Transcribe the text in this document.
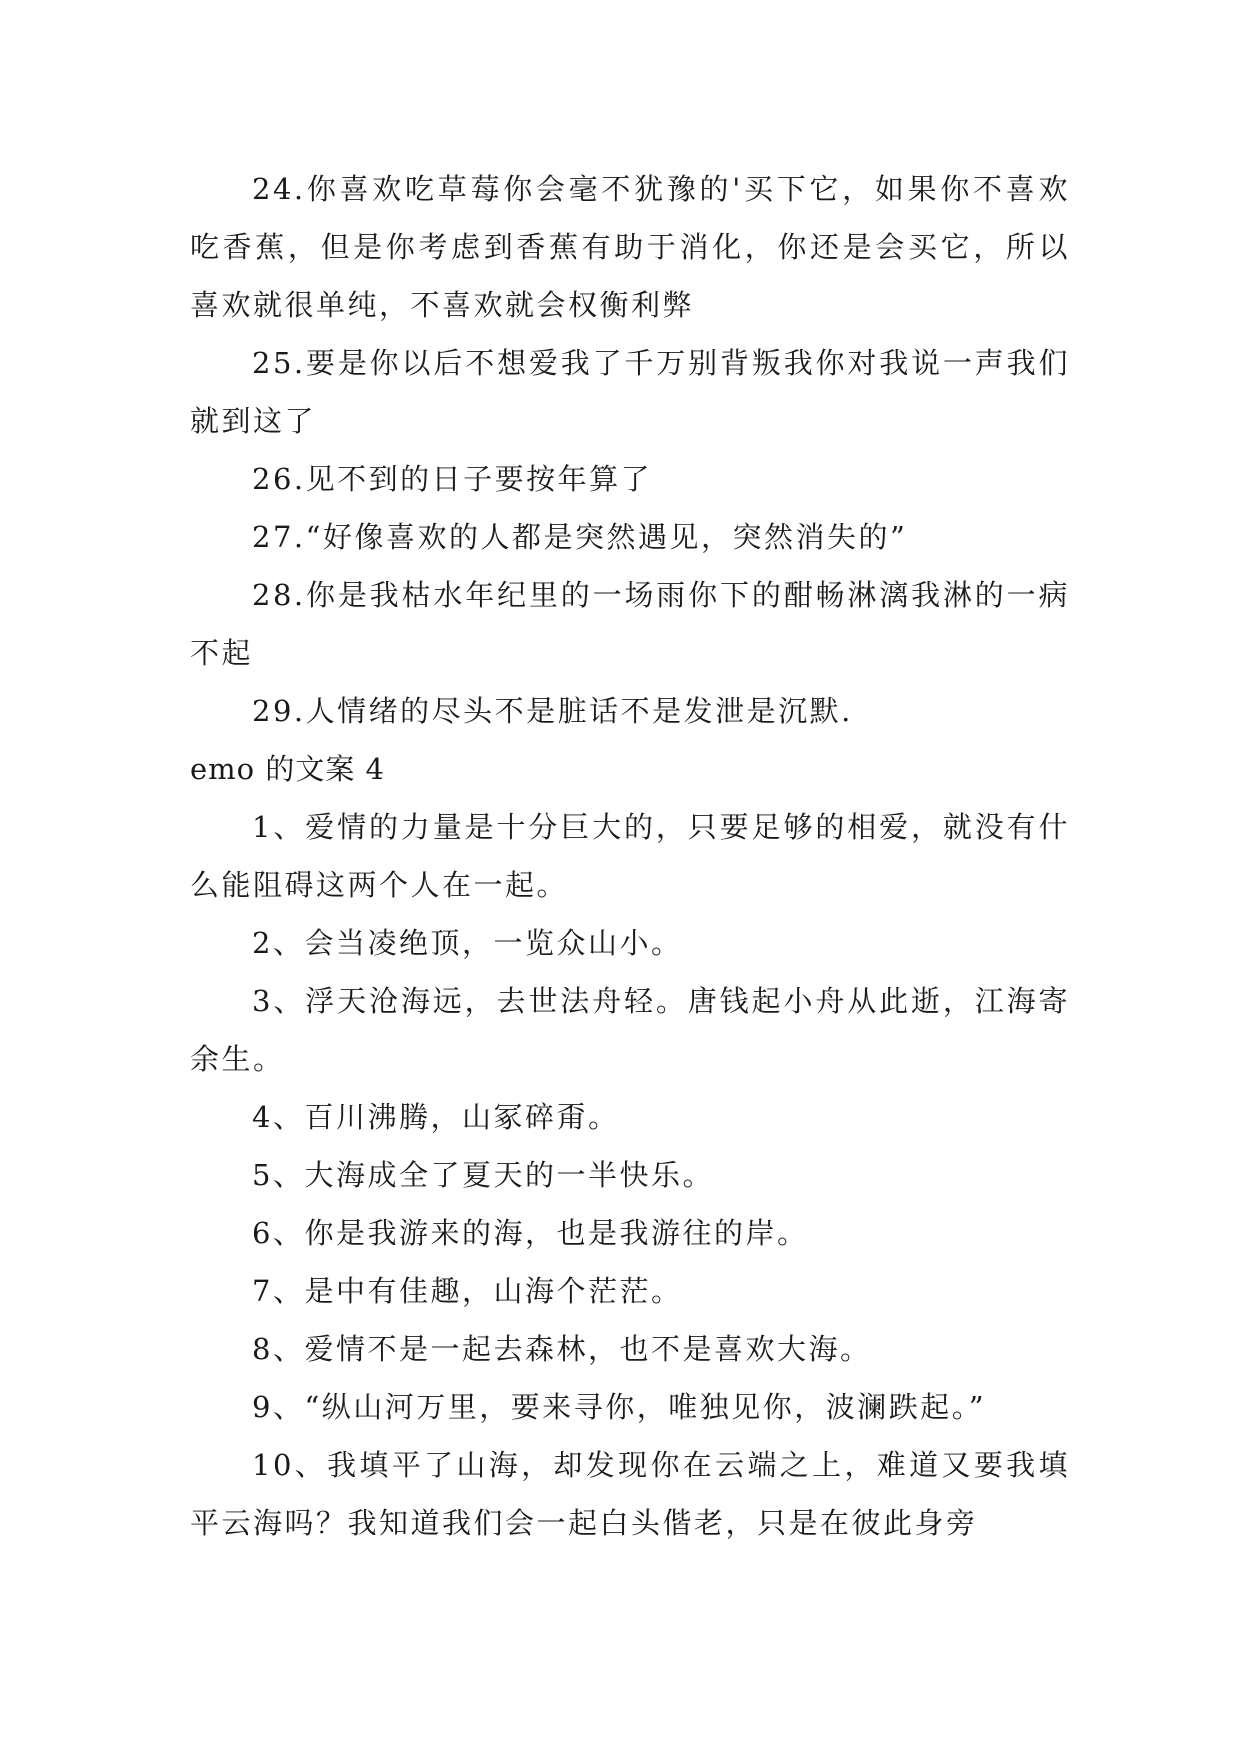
24.你喜欢吃草莓你会毫不犹豫的'买下它，如果你不喜欢吃香蕉，但是你考虑到香蕉有助于消化，你还是会买它，所以喜欢就很单纯，不喜欢就会权衡利弊

25.要是你以后不想爱我了千万别背叛我你对我说一声我们就到这了

26.见不到的日子要按年算了

27.“好像喜欢的人都是突然遇见，突然消失的”

28.你是我枯水年纪里的一场雨你下的酣畅淋漓我淋的一病不起

29.人情绪的尽头不是脏话不是发泄是沉默.

emo 的文案 4

1、爱情的力量是十分巨大的，只要足够的相爱，就没有什么能阻碍这两个人在一起。

2、会当凌绝顶，一览众山小。

3、浮天沧海远，去世法舟轻。唐钱起小舟从此逝，江海寄余生。

4、百川沸腾，山冢碎甭。

5、大海成全了夏天的一半快乐。

6、你是我游来的海，也是我游往的岸。

7、是中有佳趣，山海个茫茫。

8、爱情不是一起去森林，也不是喜欢大海。

9、“纵山河万里，要来寻你，唯独见你，波澜跌起。”

10、我填平了山海，却发现你在云端之上，难道又要我填平云海吗？我知道我们会一起白头偕老，只是在彼此身旁
